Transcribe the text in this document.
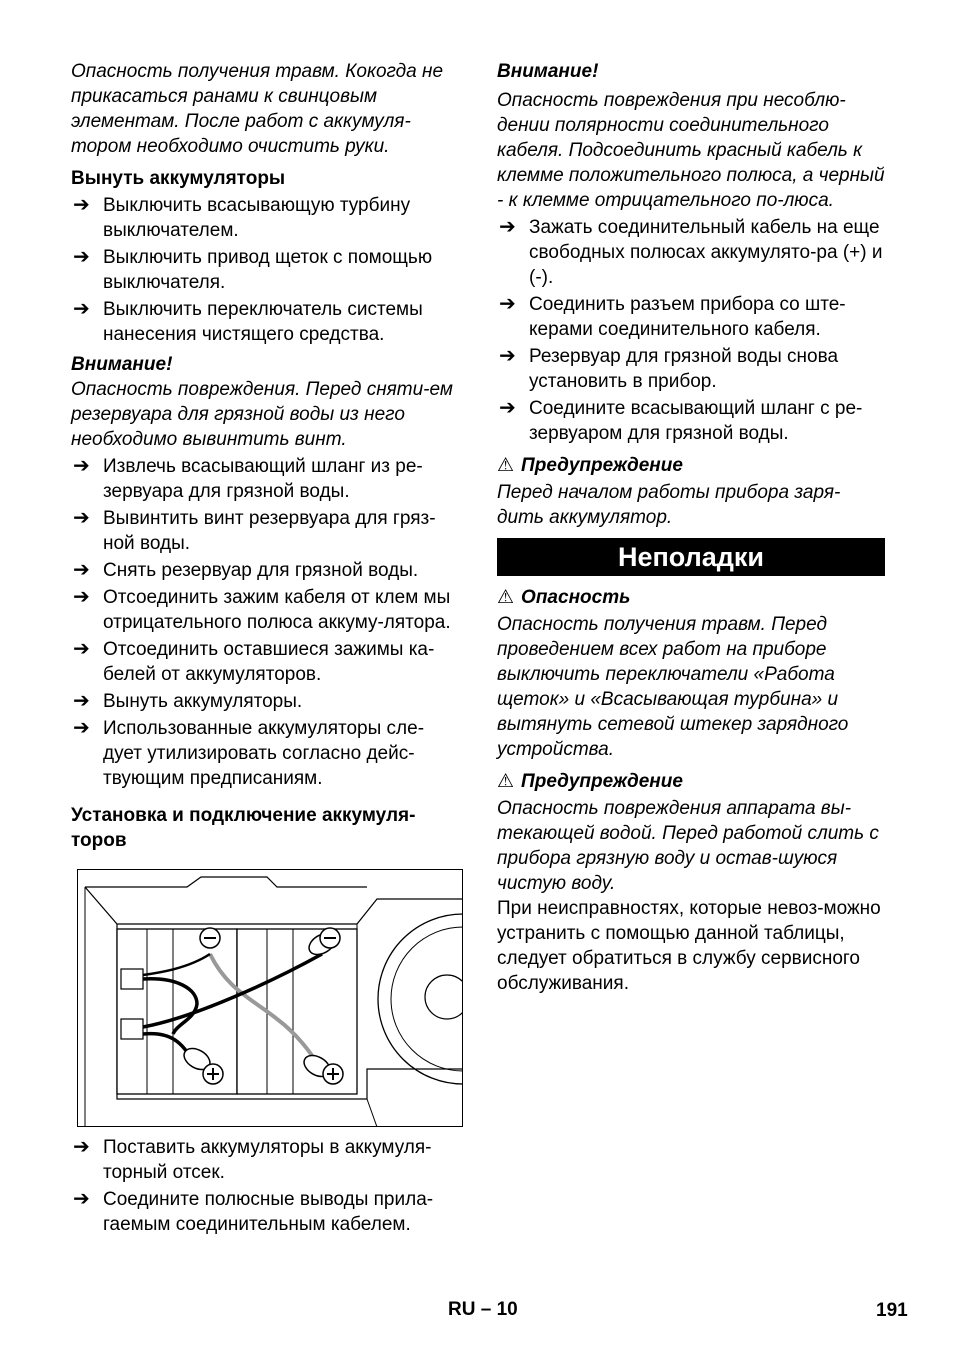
Опасность получения травм. Кокогда не прикасаться ранами к свинцовым элементам. После работ с аккумуля-тором необходимо очистить руки.

Вынуть аккумуляторы

➔ Выключить всасывающую турбину выключателем.
➔ Выключить привод щеток с помощью выключателя.
➔ Выключить переключатель системы нанесения чистящего средства.

Внимание!

Опасность повреждения. Перед сняти-ем резервуара для грязной воды из него необходимо вывинтить винт.

➔ Извлечь всасывающий шланг из ре-зервуара для грязной воды.
➔ Вывинтить винт резервуара для гряз-ной воды.
➔ Снять резервуар для грязной воды.
➔ Отсоединить зажим кабеля от клем мы отрицательного полюса аккуму-лятора.
➔ Отсоединить оставшиеся зажимы ка-белей от аккумуляторов.
➔ Вынуть аккумуляторы.
➔ Использованные аккумуляторы сле-дует утилизировать согласно дейс-твующим предписаниям.

Установка и подключение аккумуля-торов

➔ Поставить аккумуляторы в аккумуля-торный отсек.
➔ Соедините полюсные выводы прила-гаемым соединительным кабелем.

Внимание!

Опасность повреждения при несоблю-дении полярности соединительного кабеля. Подсоединить красный кабель к клемме положительного полюса, а черный - к клемме отрицательного по-люса.

➔ Зажать соединительный кабель на еще свободных полюсах аккумулято-ра (+) и (-).
➔ Соединить разъем прибора со ште-керами соединительного кабеля.
➔ Резервуар для грязной воды снова установить в прибор.
➔ Соедините всасывающий шланг с ре-зервуаром для грязной воды.

⚠ Предупреждение

Перед началом работы прибора заря-дить аккумулятор.

Неполадки

⚠ Опасность

Опасность получения травм. Перед проведением всех работ на приборе выключить переключатели «Работа щеток» и «Всасывающая турбина» и вытянуть сетевой штекер зарядного устройства.

⚠ Предупреждение

Опасность повреждения аппарата вы-текающей водой. Перед работой слить с прибора грязную воду и остав-шуюся чистую воду.

При неисправностях, которые невоз-можно устранить с помощью данной таблицы, следует обратиться в службу сервисного обслуживания.

RU – 10	191
